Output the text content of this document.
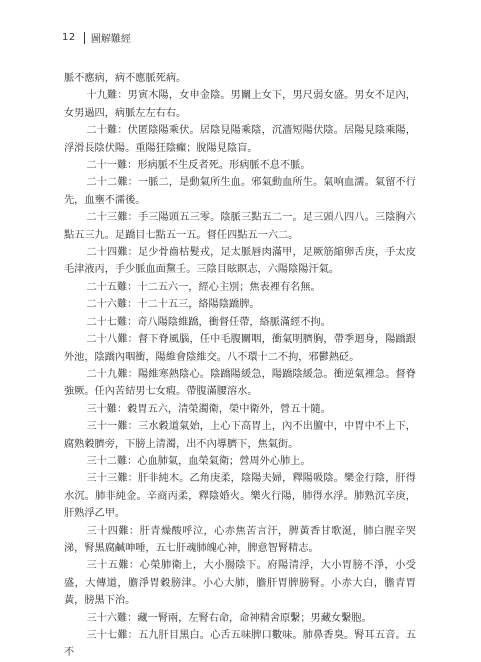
12 圖解難經

脈不應病，病不應脈死病。

十九難：男寅木陽，女申金陰。男關上女下，男尺弱女盛。男女不足內，女男過四，病脈左左右右。

二十難：伏匿陰陽乘伏。居陰見陽乘陰，沉濇短陽伏陰。居陽見陰乘陽，浮滑長陰伏陽。重陽狂陰癲；脫陽見陰盲。

二十一難：形病脈不生反者死。形病脈不息不脈。

二十二難：一脈二，是動氣所生血。邪氣動血所生。氣响血濡。氣留不行先，血壅不濡後。

二十三難：手三陽頭五三零。陰脈三點五二一。足三頭八四八。三陰胸六點五三九。足蹻目七點五一五。督任四點五一六二。

二十四難：足少骨齒枯髮戎，足太脈唇肉滿甲，足厥筋縮卵舌庚，手太皮毛津液丙，手少脈血面黧壬。三陰目眩瞑志，六陽陰陽汗氣。

二十五難：十二五六一，經心主別；焦表裡有名無。

二十六難：十二十五三，絡陽陰蹻脾。

二十七難：奇八陽陰維蹻，衝督任帶，絡脈滿經不拘。

二十八難：督下脊風腦，任中毛腹關咽，衝氣明臍胸，帶季迴身，陽蹻跟外池，陰蹻內咽衝，陽維會陰維交。八不環十二不拘，邪鬱熱砭。

二十九難：陽維寒熱陰心。陰蹻陽緩急，陽蹻陰緩急。衝逆氣裡急。督脊強厥。任內苦結男七女瘕。帶腹滿腰溶水。

三十難：穀胃五六，清榮濁衛，榮中衛外，營五十隨。

三十一難：三水穀道氣始，上心下高胃上，內不出膻中，中胃中不上下，腐熟穀臍旁，下膀上清濁，出不內導臍下，焦氣街。

三十二難：心血肺氣，血榮氣衛；營周外心肺上。

三十三難：肝非純木。乙角庚柔，陰陽夫婦，釋陽吸陰。樂金行陰，肝得水沉。肺非純金。辛商丙柔，釋陰婚火。樂火行陽，肺得水浮。肺熟沉辛庚，肝熟浮乙甲。

三十四難：肝青燥酸呼泣，心赤焦苦言汗，脾黃香甘歌涎，肺白腥辛哭涕，腎黑腐鹹呻唾，五七肝魂肺魄心神，脾意智腎精志。

三十五難：心榮肺衛上，大小腸陰下。府陽清浮，大小胃膀不淨，小受盛，大傳道，膽淨胃穀膀津。小心大肺，膽肝胃脾膀腎。小赤大白，膽青胃黃，膀黑下治。

三十六難：藏一腎兩，左腎右命，命神精舍原繫；男藏女繫胞。

三十七難：五九肝目黑白。心舌五味脾口數味。肺鼻香臭。腎耳五音。五不
